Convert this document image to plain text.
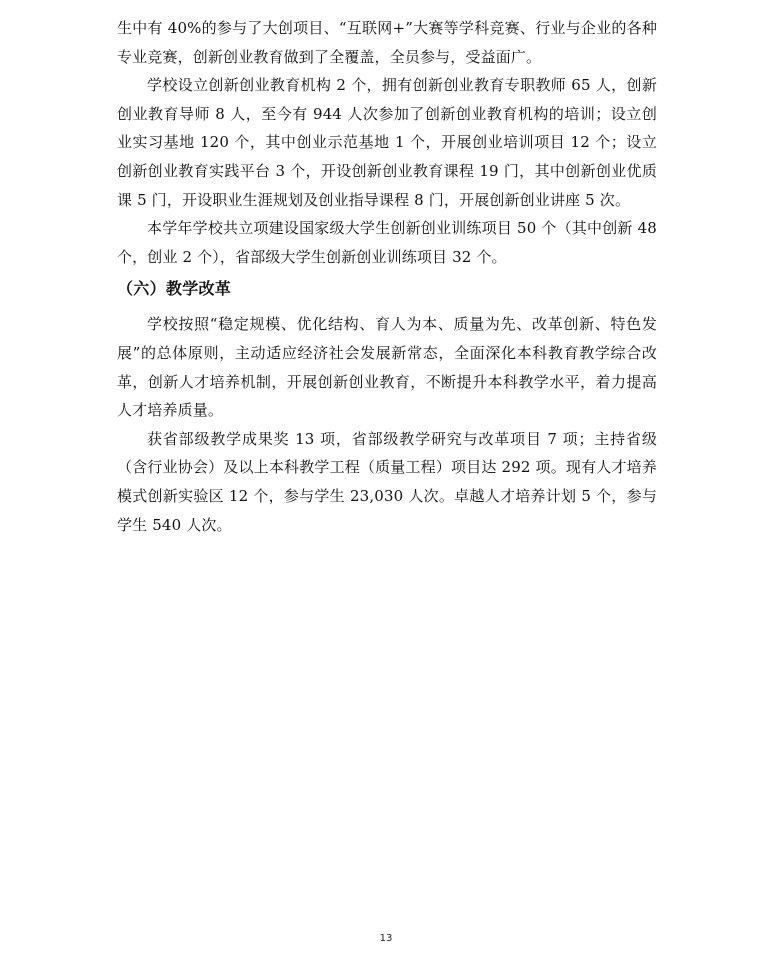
生中有 40%的参与了大创项目、“互联网+”大赛等学科竞赛、行业与企业的各种专业竞赛，创新创业教育做到了全覆盖，全员参与，受益面广。

学校设立创新创业教育机构 2 个，拥有创新创业教育专职教师 65 人，创新创业教育导师 8 人，至今有 944 人次参加了创新创业教育机构的培训；设立创业实习基地 120 个，其中创业示范基地 1 个，开展创业培训项目 12 个；设立创新创业教育实践平台 3 个，开设创新创业教育课程 19 门，其中创新创业优质课 5 门，开设职业生涯规划及创业指导课程 8 门，开展创新创业讲座 5 次。

本学年学校共立项建设国家级大学生创新创业训练项目 50 个（其中创新 48 个，创业 2 个），省部级大学生创新创业训练项目 32 个。

（六）教学改革

学校按照“稳定规模、优化结构、育人为本、质量为先、改革创新、特色发展”的总体原则，主动适应经济社会发展新常态，全面深化本科教育教学综合改革，创新人才培养机制，开展创新创业教育，不断提升本科教学水平，着力提高人才培养质量。

获省部级教学成果奖 13 项，省部级教学研究与改革项目 7 项；主持省级（含行业协会）及以上本科教学工程（质量工程）项目达 292 项。现有人才培养模式创新实验区 12 个，参与学生 23,030 人次。卓越人才培养计划 5 个，参与学生 540 人次。

13
